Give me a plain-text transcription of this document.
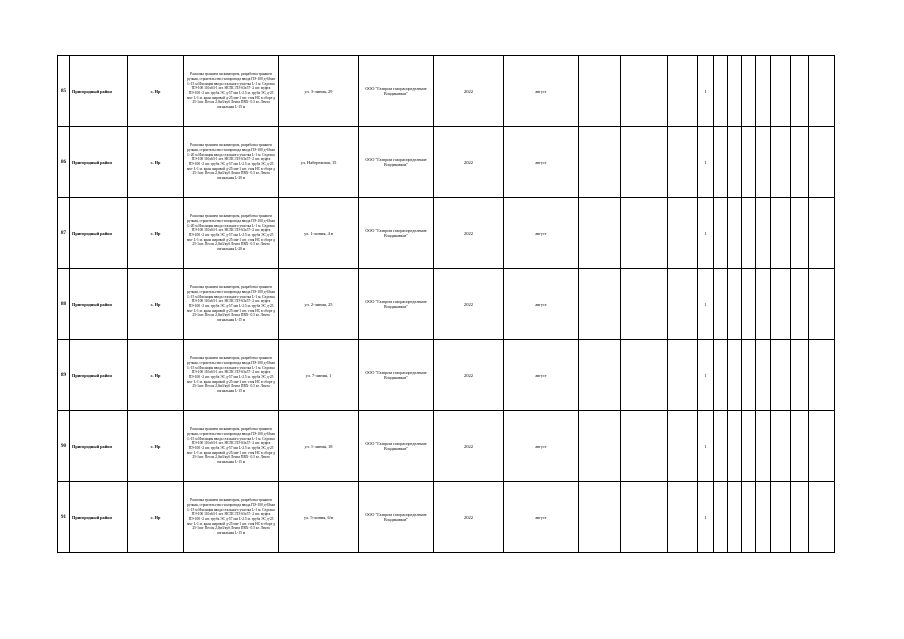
85	Пригородный район	с. Нр	Раскопка траншеи экскаватором, разработка траншеи ручная, строительство газопровода ввода ПЭ-100 д-63мм L-15 м Изоляция ввода стального участка L-1 м. Седелка ПЭ-100 110х63-1 шт. НСПС ПЭ 63х57- 2 шт. муфта ПЭ-100 -2 шт. труба ЭС д-57 мм L-2.5 м. труба ЭС д-25 мм- L-1 м. кран шаровой д-25 мм-1 шт. стоя НС в сборе д 25-1шт. Песок 2,0м3/куб Лента ПВХ- 0.5 кг. Лента сигнальная L-15 м	ул. 3-линия, 29	ООО "Газпром газораспределение Владикавказ"	2022	август				1							
86	Пригородный район	с. Нр	Раскопка траншеи экскаватором, разработка траншеи ручная, строительство газопровода ввода ПЭ-100 д-63мм L-20 м Изоляция ввода стального участка L-1 м. Седелка ПЭ-100 110х63-1 шт. НСПС ПЭ 63х57- 2 шт. муфта ПЭ-100 -2 шт. труба ЭС д-57 мм L-2.5 м. труба ЭС д-25 мм- L-1 м. кран шаровой д-25 мм-1 шт. стоя НС в сборе д 25-1шт. Песок 2,0м3/куб Лента ПВХ- 0.5 кг. Лента сигнальная L-20 м	ул. Набережная, 15	ООО "Газпром газораспределение Владикавказ"	2022	август				1							
87	Пригородный район	с. Нр	Раскопка траншеи экскаватором, разработка траншеи ручная, строительство газопровода ввода ПЭ-100 д-63мм L-20 м Изоляция ввода стального участка L-1 м. Седелка ПЭ-100 110х63-1 шт. НСПС ПЭ 63х57- 2 шт. муфта ПЭ-100 -2 шт. труба ЭС д-57 мм L-2.5 м. труба ЭС д-25 мм- L-1 м. кран шаровой д-25 мм-1 шт. стоя НС в сборе д 25-1шт. Песок 2,0м3/куб Лента ПВХ- 0.5 кг. Лента сигнальная L-20 м	ул. 1-линия, 4 в	ООО "Газпром газораспределение Владикавказ"	2022	август				1							
88	Пригородный район	с. Нр	Раскопка траншеи экскаватором, разработка траншеи ручная, строительство газопровода ввода ПЭ-100 д-63мм L-15 м Изоляция ввода стального участка L-1 м. Седелка ПЭ-100 110х63-1 шт. НСПС ПЭ 63х57- 2 шт. муфта ПЭ-100 -2 шт. труба ЭС д-57 мм L-2.5 м. труба ЭС д-25 мм- L-1 м. кран шаровой д-25 мм-1 шт. стоя НС в сборе д 25-1шт. Песок 2,0м3/куб Лента ПВХ- 0.5 кг. Лента сигнальная L-15 м	ул. 2-линия, 25	ООО "Газпром газораспределение Владикавказ"	2022	август				1							
89	Пригородный район	с. Нр	Раскопка траншеи экскаватором, разработка траншеи ручная, строительство газопровода ввода ПЭ-100 д-63мм L-15 м Изоляция ввода стального участка L-1 м. Седелка ПЭ-100 110х63-1 шт. НСПС ПЭ 63х57- 2 шт. муфта ПЭ-100 -2 шт. труба ЭС д-57 мм L-2.5 м. труба ЭС д-25 мм- L-1 м. кран шаровой д-25 мм-1 шт. стоя НС в сборе д 25-1шт. Песок 2,0м3/куб Лента ПВХ- 0.5 кг. Лента сигнальная L-15 м	ул. 7-линия, 1	ООО "Газпром газораспределение Владикавказ"	2022	август				1							
90	Пригородный район	с. Нр	Раскопка траншеи экскаватором, разработка траншеи ручная, строительство газопровода ввода ПЭ-100 д-63мм L-15 м Изоляция ввода стального участка L-1 м. Седелка ПЭ-100 110х63-1 шт. НСПС ПЭ 63х57- 2 шт. муфта ПЭ-100 -2 шт. труба ЭС д-57 мм L-2.5 м. труба ЭС д-25 мм- L-1 м. кран шаровой д-25 мм-1 шт. стоя НС в сборе д 25-1шт. Песок 2,0м3/куб Лента ПВХ- 0.5 кг. Лента сигнальная L-15 м	ул. 1-линия, 18	ООО "Газпром газораспределение Владикавказ"	2022	август				1							
91	Пригородный район	с. Нр	Раскопка траншеи экскаватором, разработка траншеи ручная, строительство газопровода ввода ПЭ-100 д-63мм L-15 м Изоляция ввода стального участка L-1 м. Седелка ПЭ-100 110х63-1 шт. НСПС ПЭ 63х57- 2 шт. муфта ПЭ-100 -2 шт. труба ЭС д-57 мм L-2.5 м. труба ЭС д-25 мм- L-1 м. кран шаровой д-25 мм-1 шт. стоя НС в сборе д 25-1шт. Песок 2,0м3/куб Лента ПВХ- 0.5 кг. Лента сигнальная L-15 м	ул. 5-линия, 6/в	ООО "Газпром газораспределение Владикавказ"	2022	август				1							
